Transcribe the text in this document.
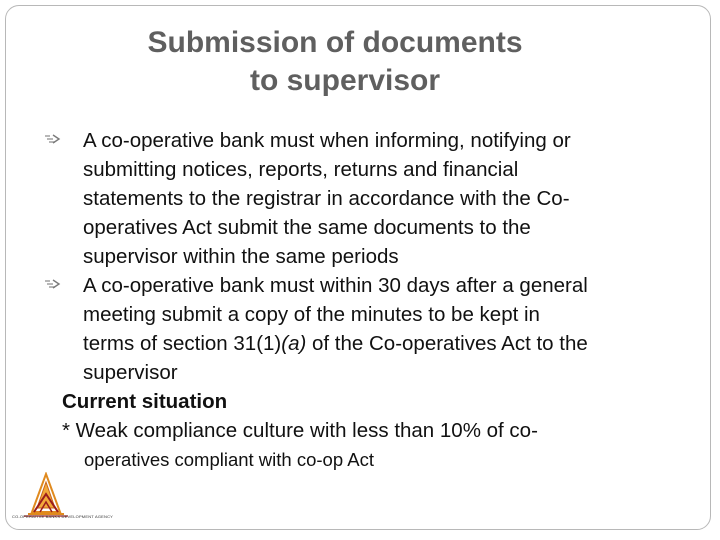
Submission of documents
to supervisor
A co-operative bank must when informing, notifying or
submitting notices, reports, returns and financial
statements to the registrar in accordance with the Co-
operatives Act submit the same documents to the
supervisor within the same periods
A co-operative bank must within 30 days after a general
meeting submit a copy of the minutes to be kept in
terms of section 31(1)(a) of the Co-operatives Act to the
supervisor
Current situation
* Weak compliance culture with less than 10% of co-
operatives compliant with co-op Act
CO-OPERATIVE BANKS DEVELOPMENT AGENCY
